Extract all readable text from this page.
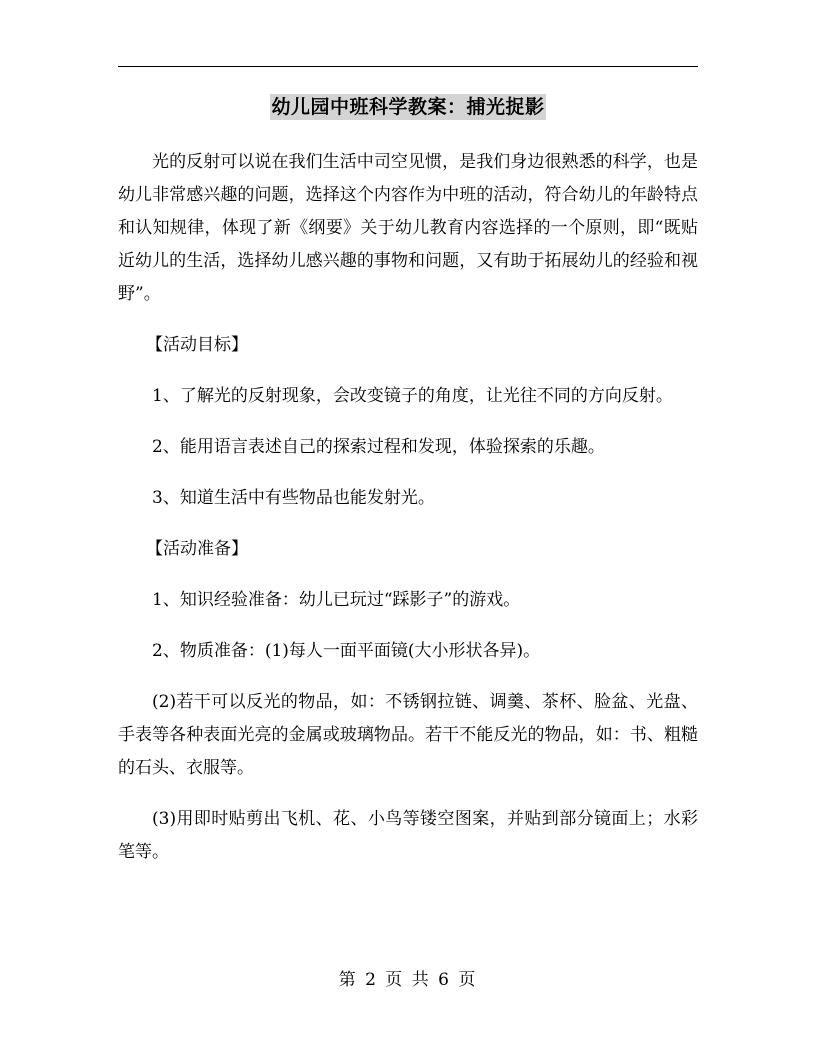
幼儿园中班科学教案：捕光捉影

光的反射可以说在我们生活中司空见惯，是我们身边很熟悉的科学，也是幼儿非常感兴趣的问题，选择这个内容作为中班的活动，符合幼儿的年龄特点和认知规律，体现了新《纲要》关于幼儿教育内容选择的一个原则，即“既贴近幼儿的生活，选择幼儿感兴趣的事物和问题，又有助于拓展幼儿的经验和视野”。

【活动目标】

1、了解光的反射现象，会改变镜子的角度，让光往不同的方向反射。

2、能用语言表述自己的探索过程和发现，体验探索的乐趣。

3、知道生活中有些物品也能发射光。

【活动准备】

1、知识经验准备：幼儿已玩过“踩影子”的游戏。

2、物质准备：(1)每人一面平面镜(大小形状各异)。

(2)若干可以反光的物品，如：不锈钢拉链、调羹、茶杯、脸盆、光盘、手表等各种表面光亮的金属或玻璃物品。若干不能反光的物品，如：书、粗糙的石头、衣服等。

(3)用即时贴剪出飞机、花、小鸟等镂空图案，并贴到部分镜面上；水彩笔等。

第 2 页 共 6 页
